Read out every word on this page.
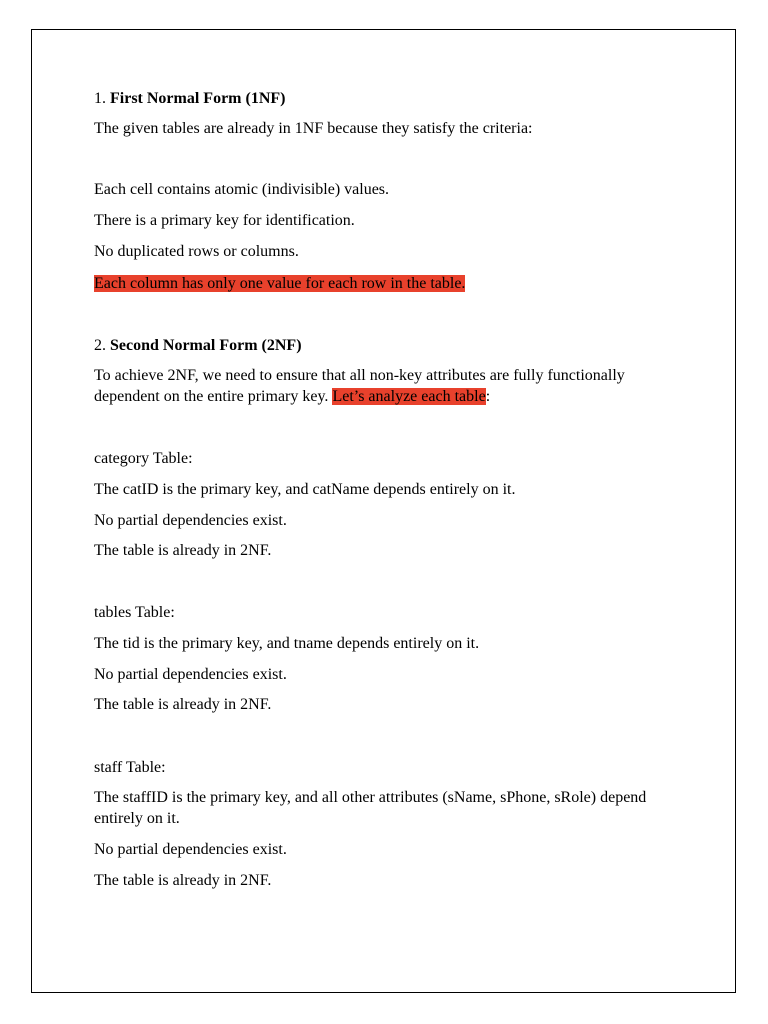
1. First Normal Form (1NF)

The given tables are already in 1NF because they satisfy the criteria:

Each cell contains atomic (indivisible) values.

There is a primary key for identification.

No duplicated rows or columns.

Each column has only one value for each row in the table.

2. Second Normal Form (2NF)

To achieve 2NF, we need to ensure that all non-key attributes are fully functionally dependent on the entire primary key. Let’s analyze each table:

category Table:

The catID is the primary key, and catName depends entirely on it.

No partial dependencies exist.

The table is already in 2NF.

tables Table:

The tid is the primary key, and tname depends entirely on it.

No partial dependencies exist.

The table is already in 2NF.

staff Table:

The staffID is the primary key, and all other attributes (sName, sPhone, sRole) depend entirely on it.

No partial dependencies exist.

The table is already in 2NF.
